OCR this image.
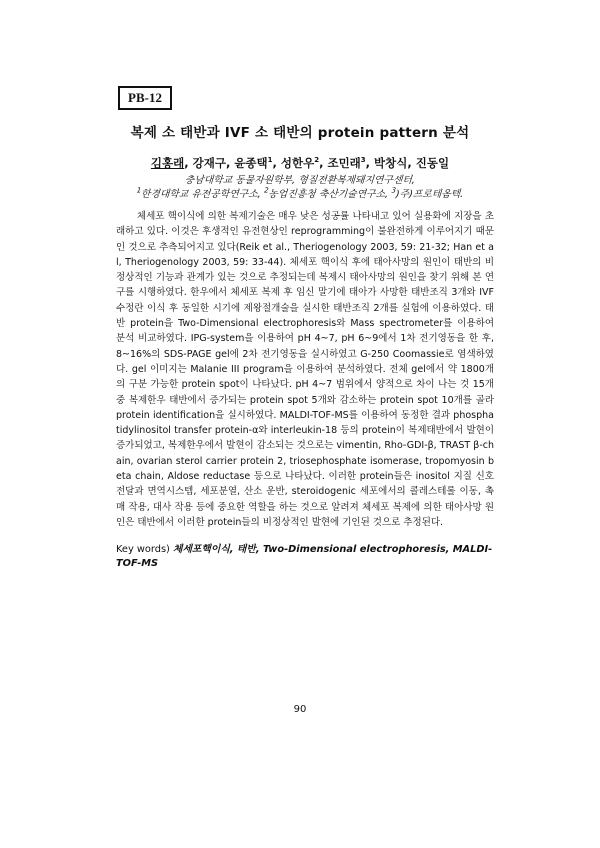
PB-12
복제 소 태반과 IVF 소 태반의 protein pattern 분석
김홍래, 강재구, 윤종택$^1$, 성한우$^2$, 조민래$^3$, 박창식, 진동일
충남대학교 동물자원학부, 형질전환복제돼지연구센터,
$^1$한경대학교 유전공학연구소, $^2$농업진흥청 축산기술연구소, $^3$)주)프로테옴텍.
체세포 핵이식에 의한 복제기술은 매우 낮은 성공률 나타내고 있어 실용화에 지장을 초래하고 있다. 이것은 후생적인 유전현상인 reprogramming이 불완전하게 이루어지기 때문인 것으로 추측되어지고 있다(Reik et al., Theriogenology 2003, 59: 21-32; Han et al, Theriogenology 2003, 59: 33-44). 체세포 핵이식 후에 태아사망의 원인이 태반의 비정상적인 기능과 관계가 있는 것으로 추정되는데 복제시 태아사망의 원인을 찾기 위해 본 연구를 시행하였다. 한우에서 체세포 복제 후 임신 말기에 태아가 사망한 태반조직 3개와 IVF 수정란 이식 후 동일한 시기에 제왕절개술을 실시한 태반조직 2개를 실험에 이용하였다. 태반 protein을 Two-Dimensional electrophoresis와 Mass spectrometer를 이용하여 분석 비교하였다. IPG-system을 이용하여 pH 4~7, pH 6~9에서 1차 전기영동을 한 후, 8~16%의 SDS-PAGE gel에 2차 전기영동을 실시하였고 G-250 Coomassie로 염색하였다. gel 이미지는 Malanie III program을 이용하여 분석하였다. 전체 gel에서 약 1800개의 구분 가능한 protein spot이 나타났다. pH 4~7 범위에서 양적으로 차이 나는 것 15개 중 복제한우 태반에서 증가되는 protein spot 5개와 감소하는 protein spot 10개를 골라 protein identification을 실시하였다. MALDI-TOF-MS를 이용하여 동정한 결과 phosphatidylinositol transfer protein-α와 interleukin-18 등의 protein이 복제태반에서 발현이 증가되었고, 복제한우에서 발현이 감소되는 것으로는 vimentin, Rho-GDI-β, TRAST β-chain, ovarian sterol carrier protein 2, triosephosphate isomerase, tropomyosin beta chain, Aldose reductase 등으로 나타났다. 이러한 protein들은 inositol 지질 신호전달과 면역시스템, 세포분열, 산소 운반, steroidogenic 세포에서의 콜레스테롤 이동, 촉매 작용, 대사 작용 등에 중요한 역할을 하는 것으로 알려져 체세포 복제에 의한 태아사망 원인은 태반에서 이러한 protein들의 비정상적인 발현에 기인된 것으로 추정된다.
Key words) 체세포핵이식, 태반, Two-Dimensional electrophoresis, MALDI-TOF-MS
90
